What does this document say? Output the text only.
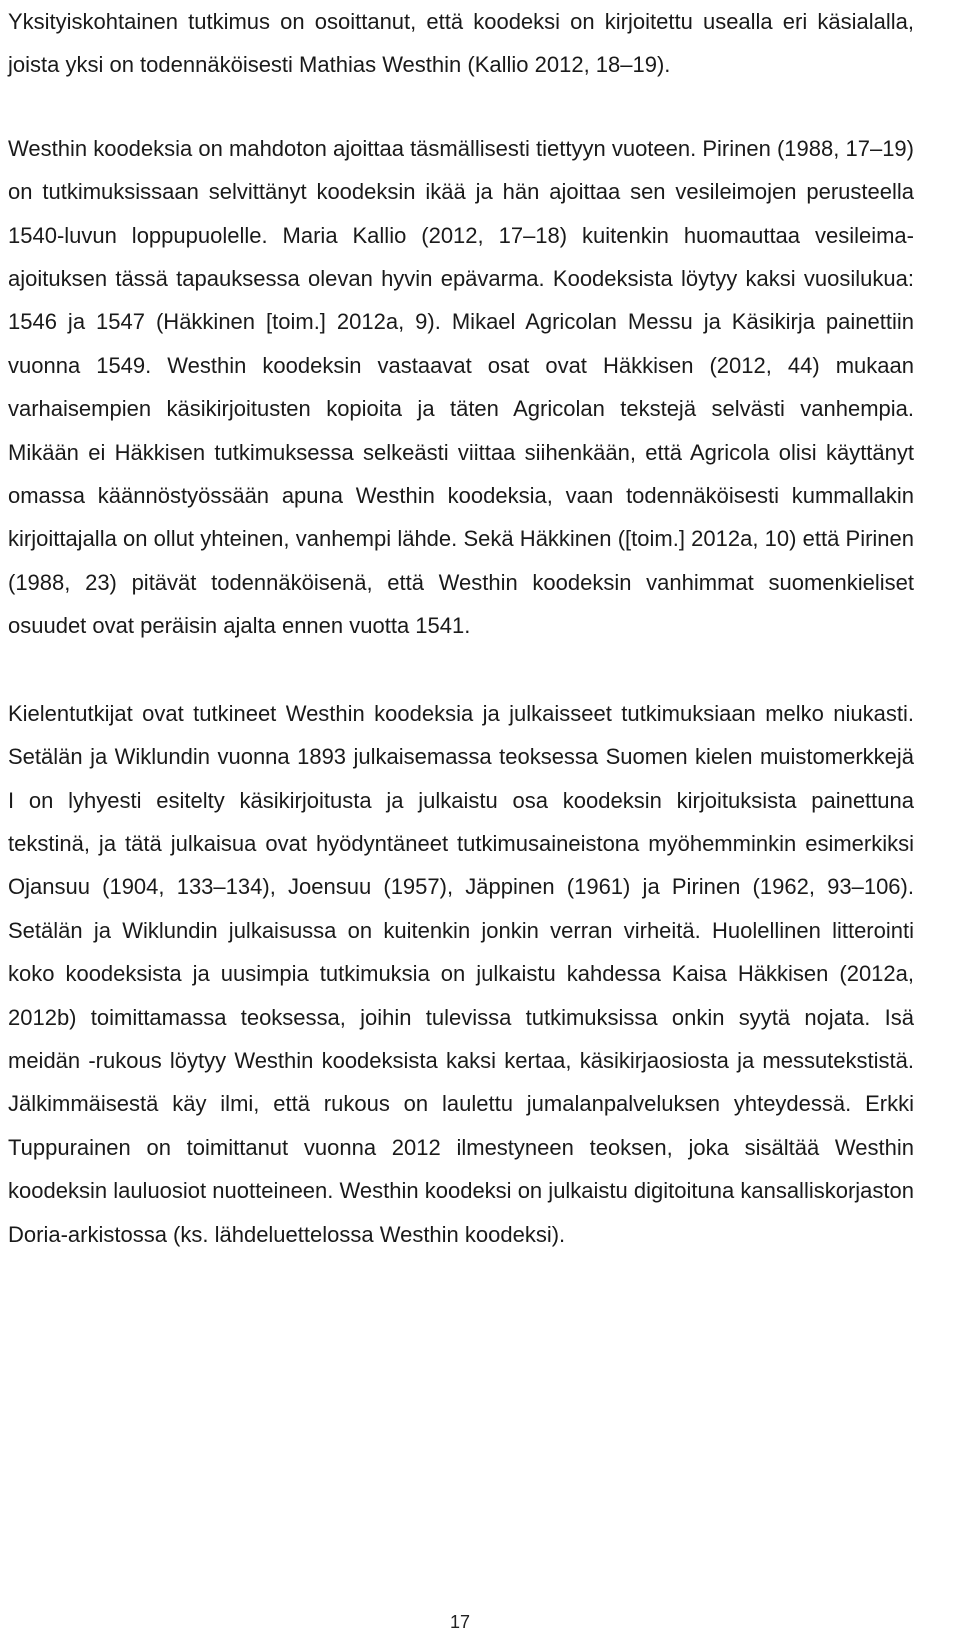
Yksityiskohtainen tutkimus on osoittanut, että koodeksi on kirjoitettu usealla eri käsialalla, joista yksi on todennäköisesti Mathias Westhin (Kallio 2012, 18–19).

Westhin koodeksia on mahdoton ajoittaa täsmällisesti tiettyyn vuoteen. Pirinen (1988, 17–19) on tutkimuksissaan selvittänyt koodeksin ikää ja hän ajoittaa sen vesileimojen perusteella 1540-luvun loppupuolelle. Maria Kallio (2012, 17–18) kuitenkin huomauttaa vesileima-ajoituksen tässä tapauksessa olevan hyvin epävarma. Koodeksista löytyy kaksi vuosilukua: 1546 ja 1547 (Häkkinen [toim.] 2012a, 9). Mikael Agricolan Messu ja Käsikirja painettiin vuonna 1549. Westhin koodeksin vastaavat osat ovat Häkkisen (2012, 44) mukaan varhaisempien käsikirjoitusten kopioita ja täten Agricolan tekstejä selvästi vanhempia. Mikään ei Häkkisen tutkimuksessa selkeästi viittaa siihenkään, että Agricola olisi käyttänyt omassa käännöstyössään apuna Westhin koodeksia, vaan todennäköisesti kummallakin kirjoittajalla on ollut yhteinen, vanhempi lähde. Sekä Häkkinen ([toim.] 2012a, 10) että Pirinen (1988, 23) pitävät todennäköisenä, että Westhin koodeksin vanhimmat suomenkieliset osuudet ovat peräisin ajalta ennen vuotta 1541.

Kielentutkijat ovat tutkineet Westhin koodeksia ja julkaisseet tutkimuksiaan melko niukasti. Setälän ja Wiklundin vuonna 1893 julkaisemassa teoksessa Suomen kielen muistomerkkejä I on lyhyesti esitelty käsikirjoitusta ja julkaistu osa koodeksin kirjoituksista painettuna tekstinä, ja tätä julkaisua ovat hyödyntäneet tutkimusaineistona myöhemminkin esimerkiksi Ojansuu (1904, 133–134), Joensuu (1957), Jäppinen (1961) ja Pirinen (1962, 93–106). Setälän ja Wiklundin julkaisussa on kuitenkin jonkin verran virheitä. Huolellinen litterointi koko koodeksista ja uusimpia tutkimuksia on julkaistu kahdessa Kaisa Häkkisen (2012a, 2012b) toimittamassa teoksessa, joihin tulevissa tutkimuksissa onkin syytä nojata. Isä meidän -rukous löytyy Westhin koodeksista kaksi kertaa, käsikirjaosiosta ja messutekstistä. Jälkimmäisestä käy ilmi, että rukous on laulettu jumalanpalveluksen yhteydessä. Erkki Tuppurainen on toimittanut vuonna 2012 ilmestyneen teoksen, joka sisältää Westhin koodeksin lauluosiot nuotteineen. Westhin koodeksi on julkaistu digitoituna kansalliskorjaston Doria-arkistossa (ks. lähdeluettelossa Westhin koodeksi).

17
